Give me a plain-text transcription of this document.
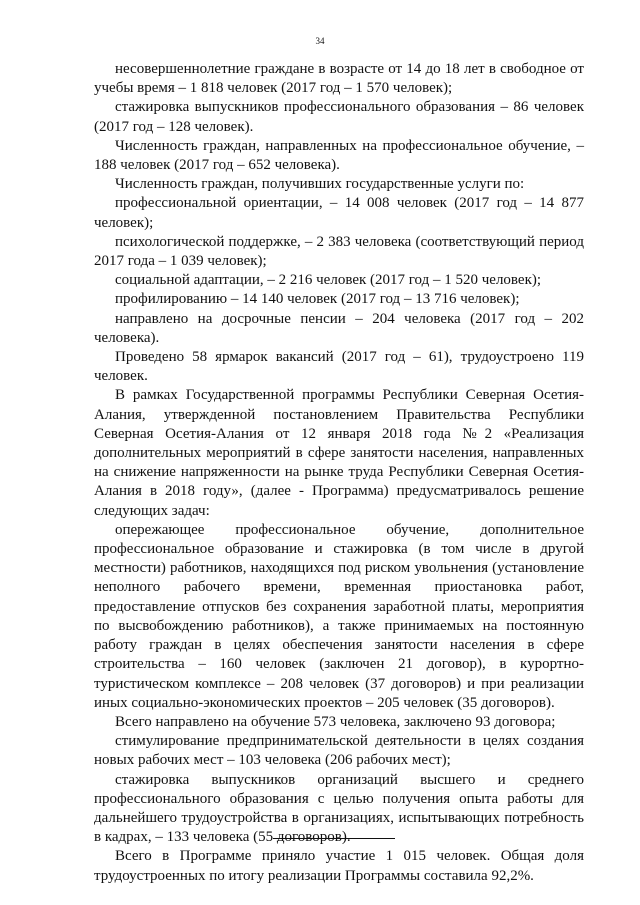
34

несовершеннолетние граждане в возрасте от 14 до 18 лет в свободное от учебы время – 1 818 человек (2017 год – 1 570 человек);

стажировка выпускников профессионального образования – 86 человек (2017 год – 128 человек).

Численность граждан, направленных на профессиональное обучение, – 188 человек (2017 год – 652 человека).

Численность граждан, получивших государственные услуги по:

профессиональной ориентации, – 14 008 человек (2017 год – 14 877 человек);

психологической поддержке, – 2 383 человека (соответствующий период 2017 года – 1 039 человек);

социальной адаптации, – 2 216 человек (2017 год – 1 520 человек);

профилированию – 14 140 человек (2017 год – 13 716 человек);

направлено на досрочные пенсии – 204 человека (2017 год – 202 человека).

Проведено 58 ярмарок вакансий (2017 год – 61), трудоустроено 119 человек.

В рамках Государственной программы Республики Северная Осетия-Алания, утвержденной постановлением Правительства Республики Северная Осетия-Алания от 12 января 2018 года №2 «Реализация дополнительных мероприятий в сфере занятости населения, направленных на снижение напряженности на рынке труда Республики Северная Осетия-Алания в 2018 году», (далее - Программа) предусматривалось решение следующих задач:

опережающее профессиональное обучение, дополнительное профессиональное образование и стажировка (в том числе в другой местности) работников, находящихся под риском увольнения (установление неполного рабочего времени, временная приостановка работ, предоставление отпусков без сохранения заработной платы, мероприятия по высвобождению работников), а также принимаемых на постоянную работу граждан в целях обеспечения занятости населения в сфере строительства – 160 человек (заключен 21 договор), в курортно-туристическом комплексе – 208 человек (37 договоров) и при реализации иных социально-экономических проектов – 205 человек (35 договоров).

Всего направлено на обучение 573 человека, заключено 93 договора;

стимулирование предпринимательской деятельности в целях создания новых рабочих мест – 103 человека (206 рабочих мест);

стажировка выпускников организаций высшего и среднего профессионального образования с целью получения опыта работы для дальнейшего трудоустройства в организациях, испытывающих потребность в кадрах, – 133 человека (55 договоров).

Всего в Программе приняло участие 1 015 человек. Общая доля трудоустроенных по итогу реализации Программы составила 92,2%.
